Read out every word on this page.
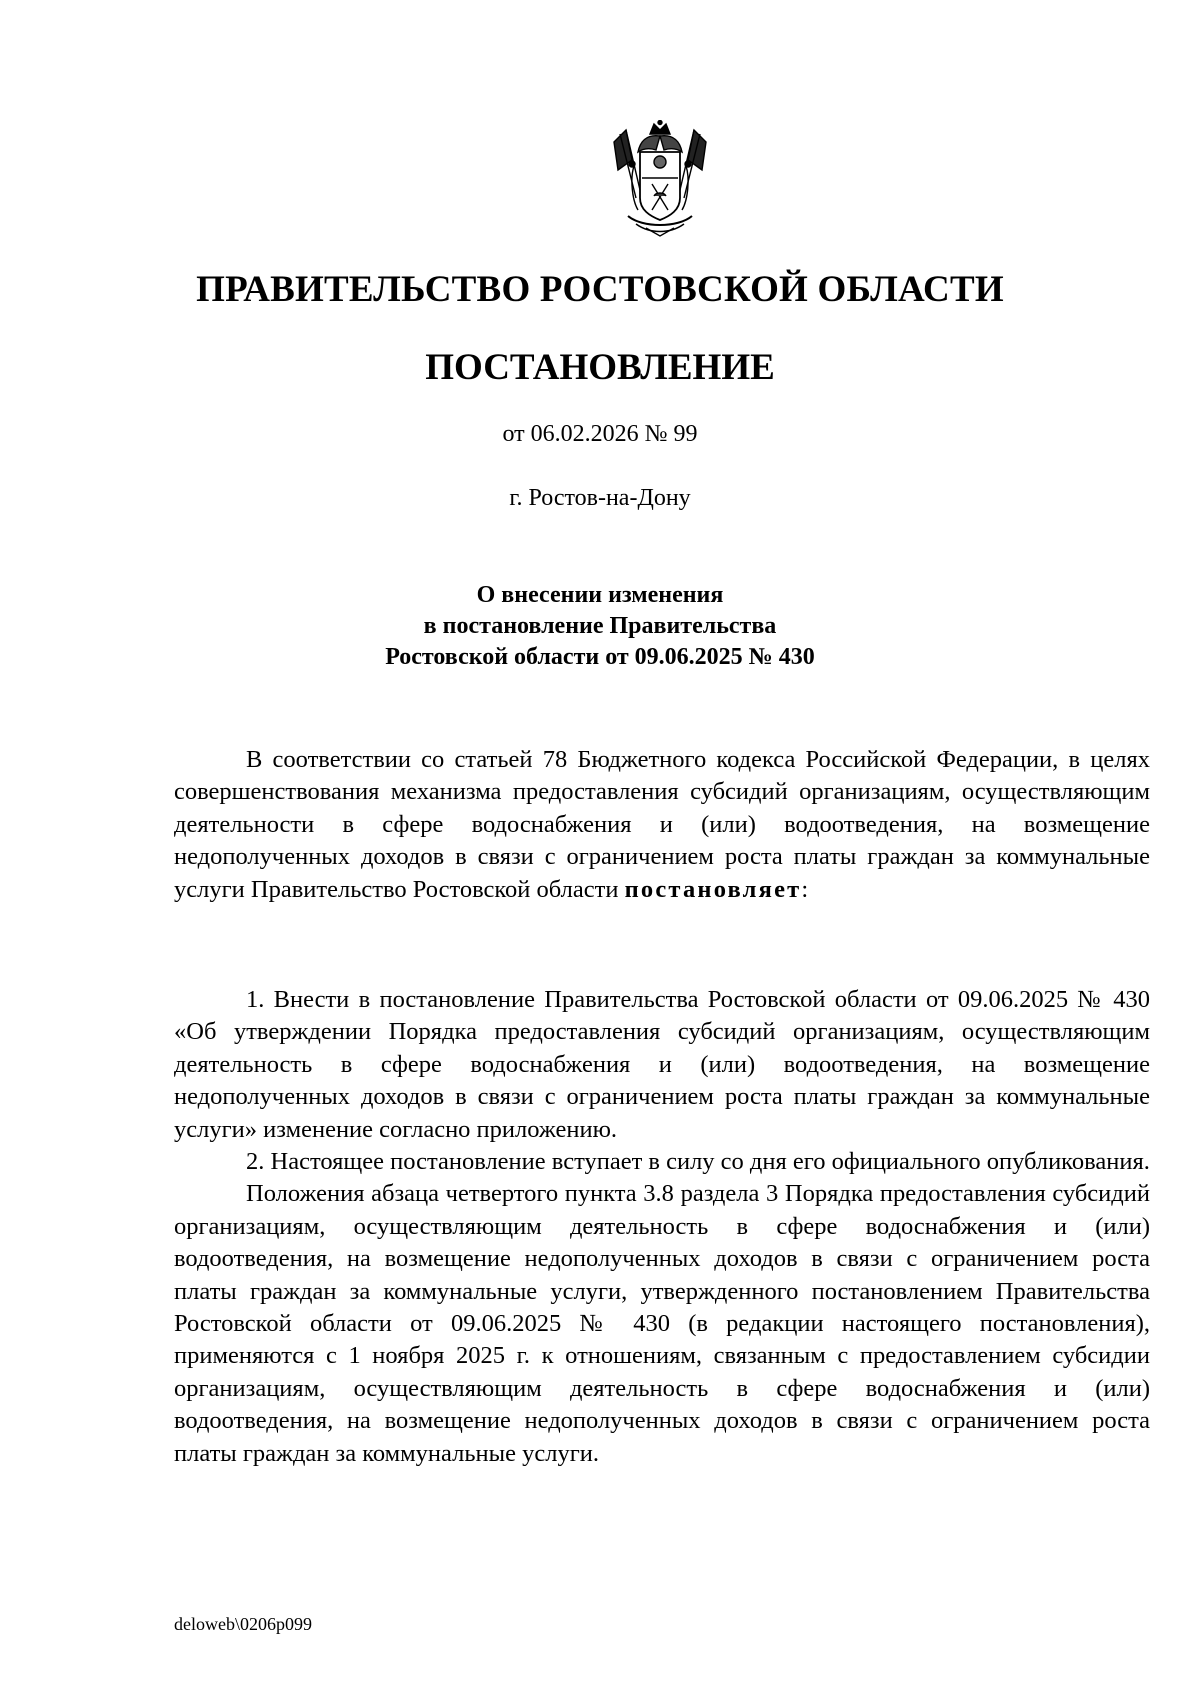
ПРАВИТЕЛЬСТВО РОСТОВСКОЙ ОБЛАСТИ
ПОСТАНОВЛЕНИЕ
от 06.02.2026 № 99
г. Ростов-на-Дону
О внесении изменения
в постановление Правительства
Ростовской области от 09.06.2025 № 430

В соответствии со статьей 78 Бюджетного кодекса Российской Федерации, в целях совершенствования механизма предоставления субсидий организациям, осуществляющим деятельности в сфере водоснабжения и (или) водоотведения, на возмещение недополученных доходов в связи с ограничением роста платы граждан за коммунальные услуги Правительство Ростовской области постановляет:

1. Внести в постановление Правительства Ростовской области от 09.06.2025 № 430 «Об утверждении Порядка предоставления субсидий организациям, осуществляющим деятельность в сфере водоснабжения и (или) водоотведения, на возмещение недополученных доходов в связи с ограничением роста платы граждан за коммунальные услуги» изменение согласно приложению.

2. Настоящее постановление вступает в силу со дня его официального опубликования.

Положения абзаца четвертого пункта 3.8 раздела 3 Порядка предоставления субсидий организациям, осуществляющим деятельность в сфере водоснабжения и (или) водоотведения, на возмещение недополученных доходов в связи с ограничением роста платы граждан за коммунальные услуги, утвержденного постановлением Правительства Ростовской области от 09.06.2025 № 430 (в редакции настоящего постановления), применяются с 1 ноября 2025 г. к отношениям, связанным с предоставлением субсидии организациям, осуществляющим деятельность в сфере водоснабжения и (или) водоотведения, на возмещение недополученных доходов в связи с ограничением роста платы граждан за коммунальные услуги.

deloweb\0206p099
